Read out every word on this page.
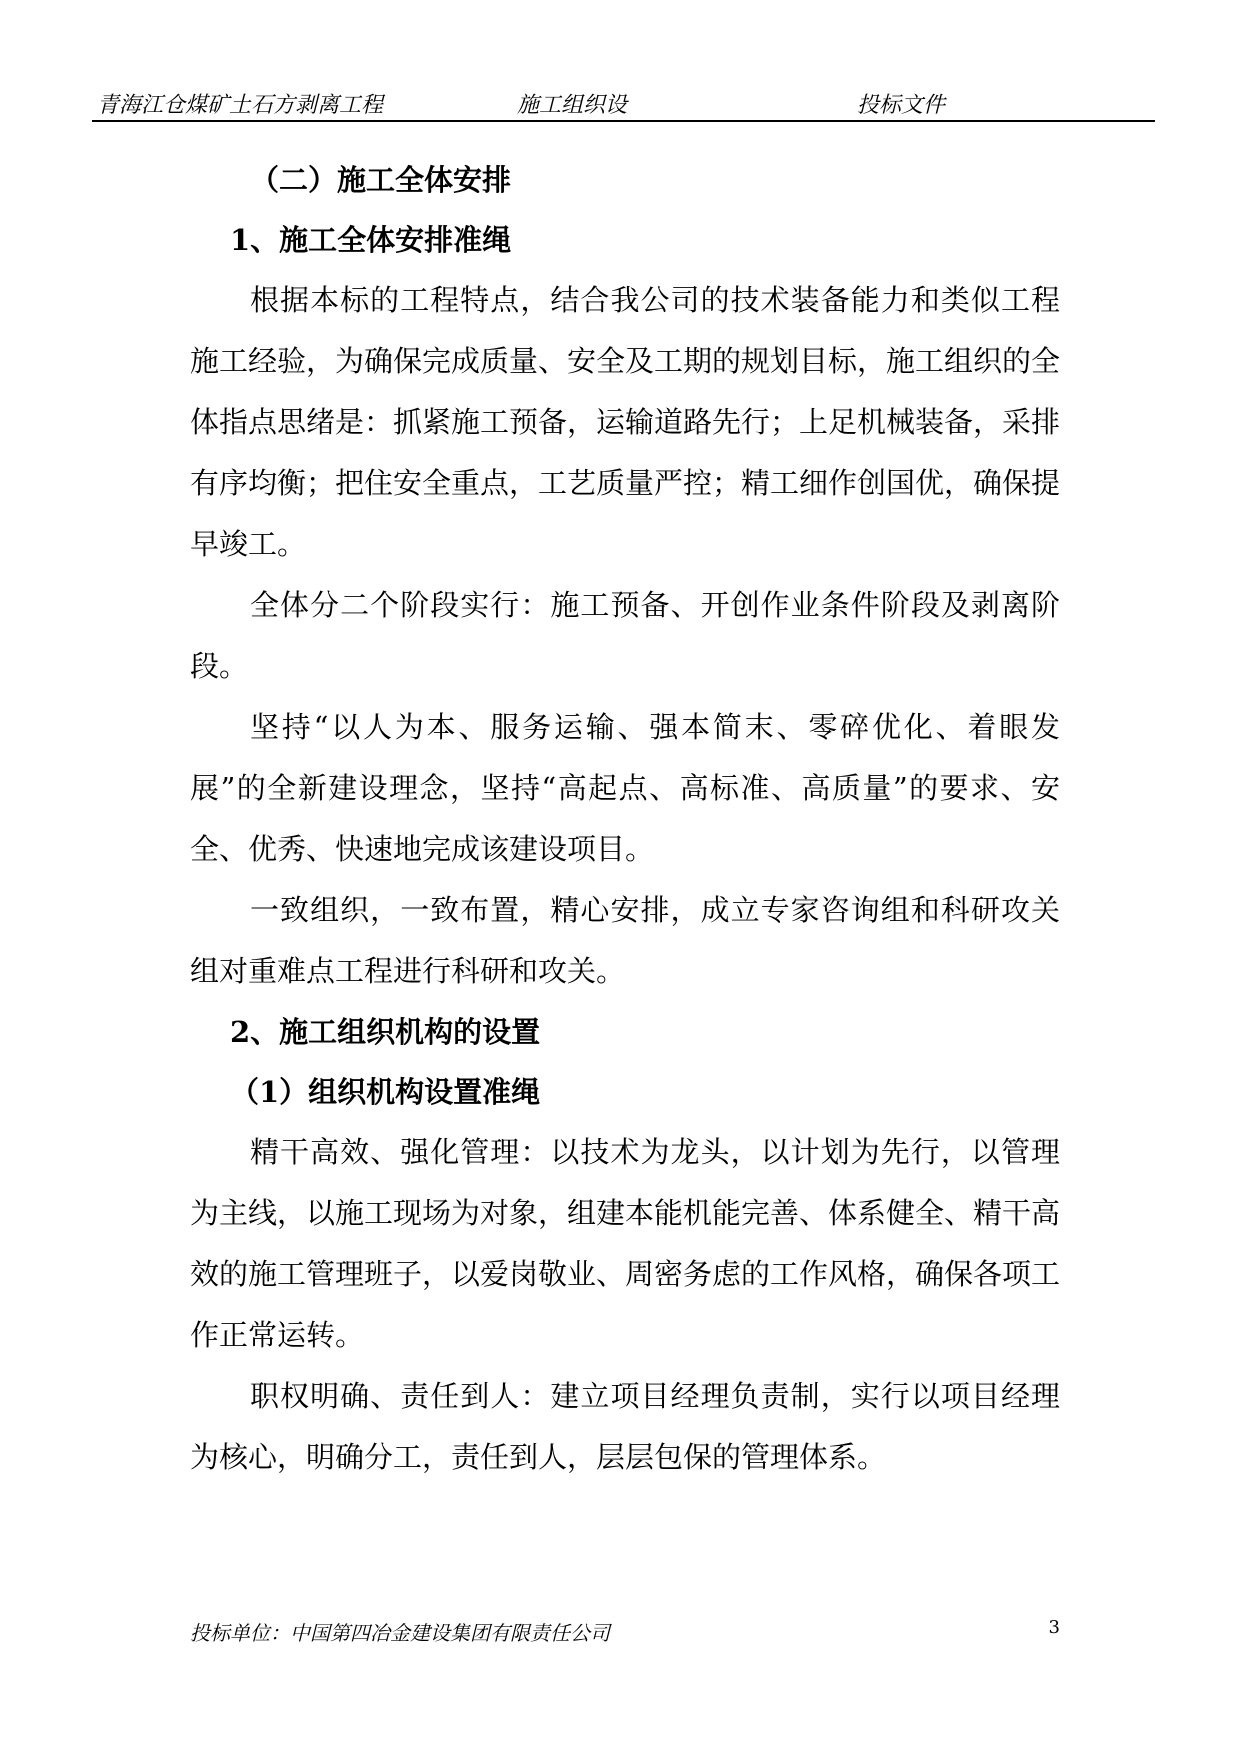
青海江仓煤矿土石方剥离工程	施工组织设	投标文件

（二）施工全体安排

1、施工全体安排准绳

根据本标的工程特点，结合我公司的技术装备能力和类似工程施工经验，为确保完成质量、安全及工期的规划目标，施工组织的全体指点思绪是：抓紧施工预备，运输道路先行；上足机械装备，采排有序均衡；把住安全重点，工艺质量严控；精工细作创国优，确保提早竣工。

全体分二个阶段实行：施工预备、开创作业条件阶段及剥离阶段。

坚持“以人为本、服务运输、强本简末、零碎优化、着眼发展”的全新建设理念，坚持“高起点、高标准、高质量”的要求、安全、优秀、快速地完成该建设项目。

一致组织，一致布置，精心安排，成立专家咨询组和科研攻关组对重难点工程进行科研和攻关。

2、施工组织机构的设置

（1）组织机构设置准绳

精干高效、强化管理：以技术为龙头，以计划为先行，以管理为主线，以施工现场为对象，组建本能机能完善、体系健全、精干高效的施工管理班子，以爱岗敬业、周密务虑的工作风格，确保各项工作正常运转。

职权明确、责任到人：建立项目经理负责制，实行以项目经理为核心，明确分工，责任到人，层层包保的管理体系。

投标单位：中国第四冶金建设集团有限责任公司	3
